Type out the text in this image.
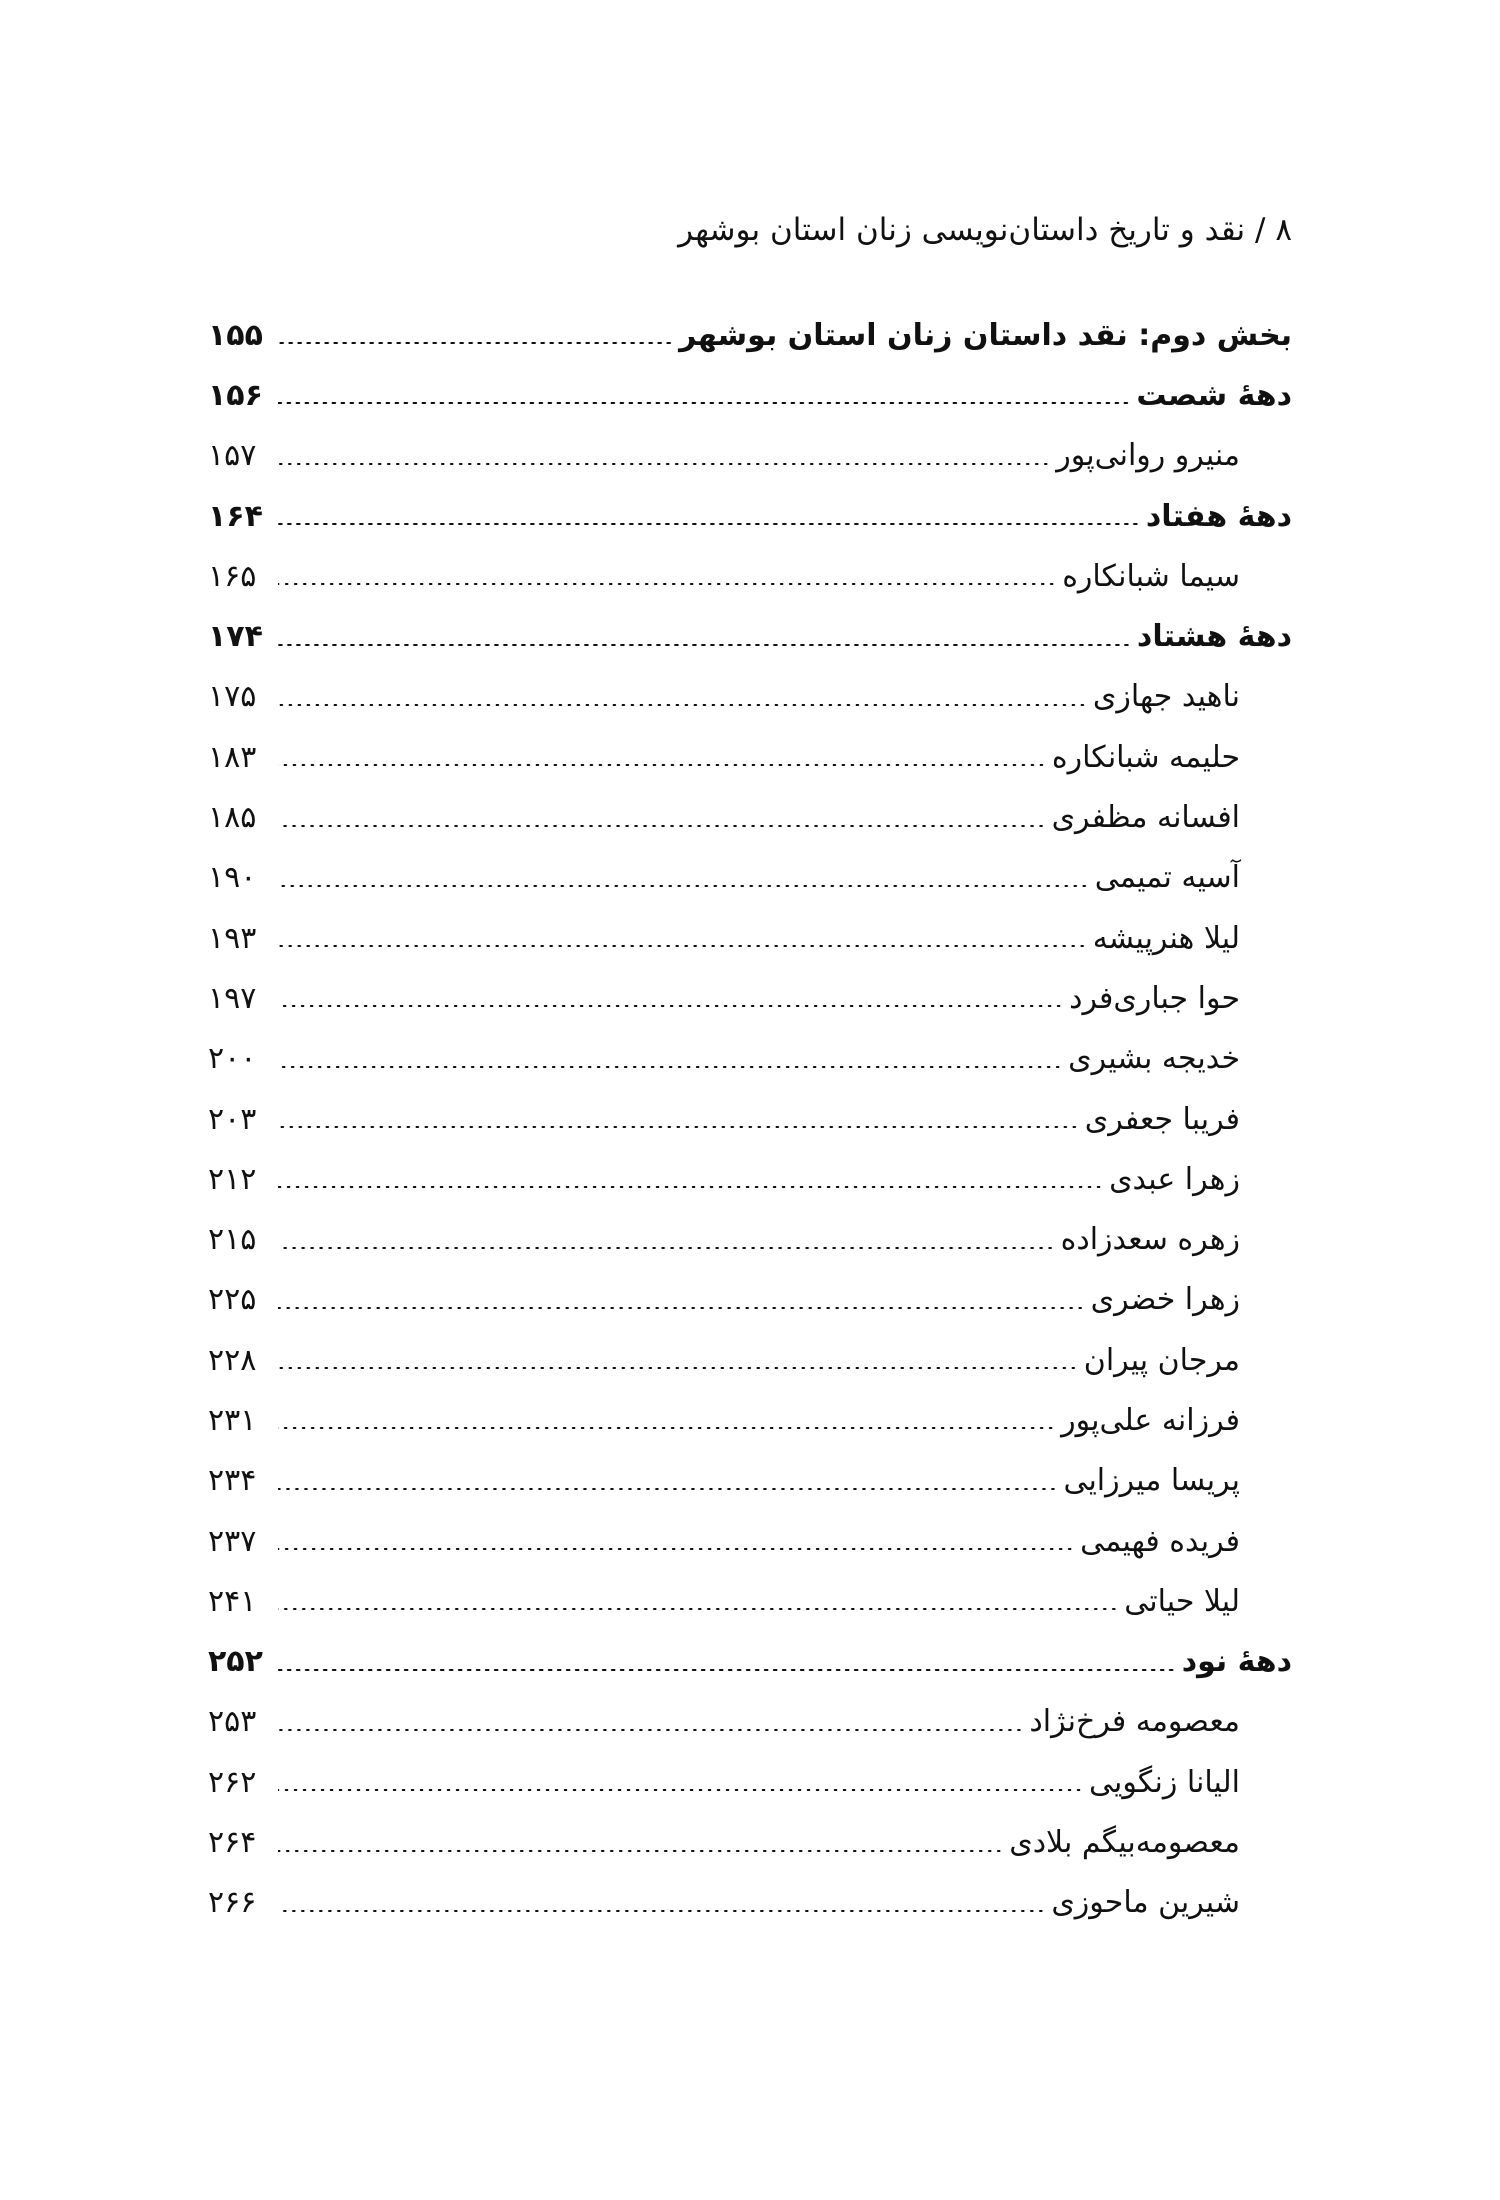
۸ / نقد و تاریخ داستان‌نویسی زنان استان بوشهر
بخش دوم: نقد داستان زنان استان بوشهر
۱۵۵
دههٔ شصت
۱۵۶
منیرو روانی‌پور
۱۵۷
دههٔ هفتاد
۱۶۴
سیما شبانکاره
۱۶۵
دههٔ هشتاد
۱۷۴
ناهید جهازی
۱۷۵
حلیمه شبانکاره
۱۸۳
افسانه مظفری
۱۸۵
آسیه تمیمی
۱۹۰
لیلا هنرپیشه
۱۹۳
حوا جباری‌فرد
۱۹۷
خدیجه بشیری
۲۰۰
فریبا جعفری
۲۰۳
زهرا عبدی
۲۱۲
زهره سعدزاده
۲۱۵
زهرا خضری
۲۲۵
مرجان پیران
۲۲۸
فرزانه علی‌پور
۲۳۱
پریسا میرزایی
۲۳۴
فریده فهیمی
۲۳۷
لیلا حیاتی
۲۴۱
دههٔ نود
۲۵۲
معصومه فرخ‌نژاد
۲۵۳
الیانا زنگویی
۲۶۲
معصومه‌بیگم بلادی
۲۶۴
شیرین ماحوزی
۲۶۶
